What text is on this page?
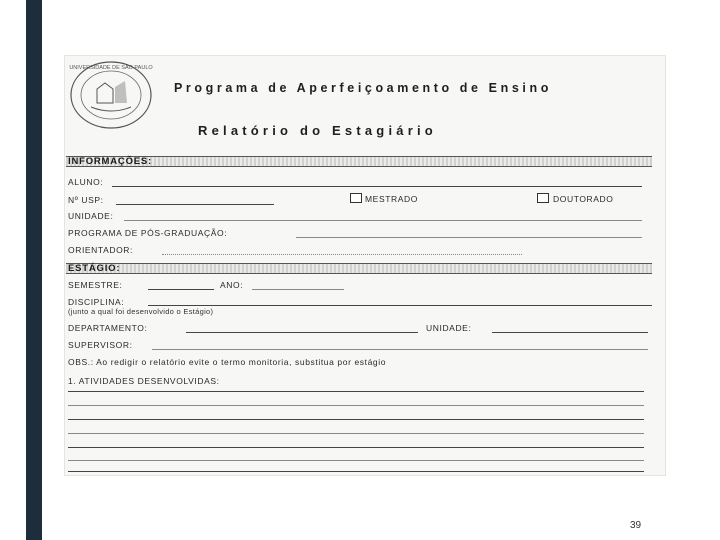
UNIVERSIDADE DE SÃO PAULO
Programa de Aperfeiçoamento de Ensino
Relatório do Estagiário
INFORMAÇÕES:
ALUNO:
Nº USP:	MESTRADO	DOUTORADO
UNIDADE:
PROGRAMA DE PÓS-GRADUAÇÃO:
ORIENTADOR:
ESTÁGIO:
SEMESTRE:	ANO:
DISCIPLINA:
(junto a qual foi desenvolvido o Estágio)
DEPARTAMENTO:	UNIDADE:
SUPERVISOR:
OBS.: Ao redigir o relatório evite o termo monitoria, substitua por estágio
1. ATIVIDADES DESENVOLVIDAS:
39
